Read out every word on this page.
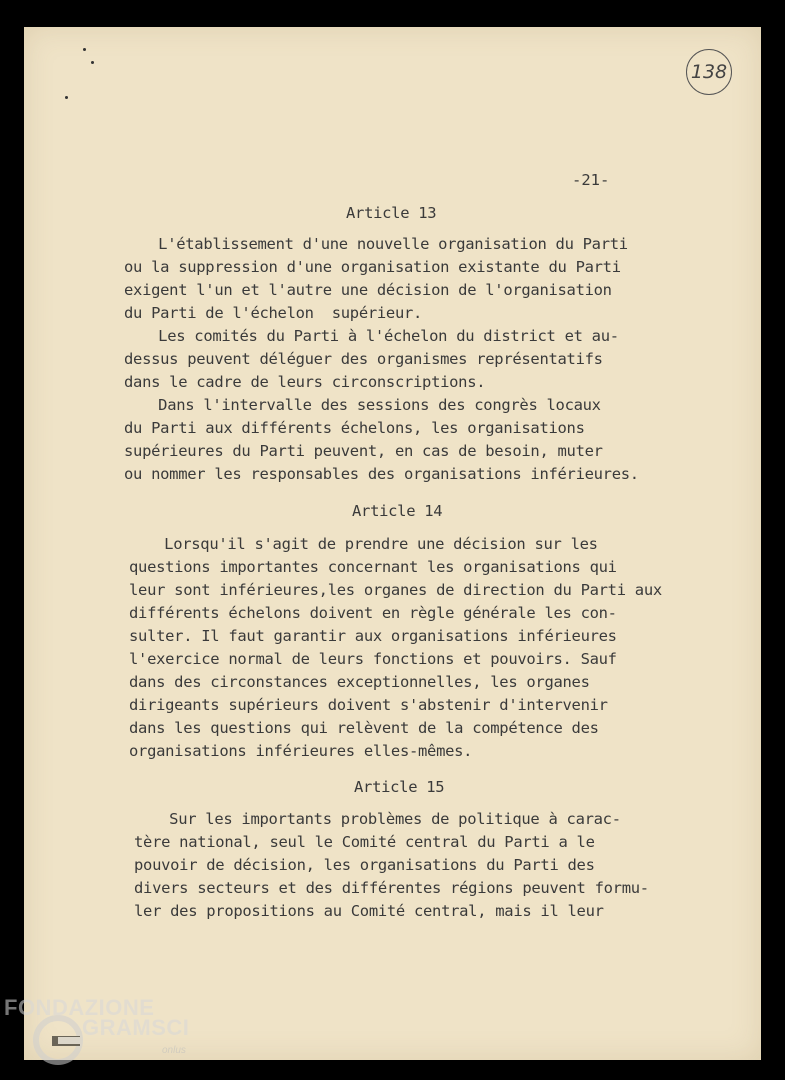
138
-21-
Article 13
L'établissement d'une nouvelle organisation du Parti
ou la suppression d'une organisation existante du Parti
exigent l'un et l'autre une décision de l'organisation
du Parti de l'échelon  supérieur.
Les comités du Parti à l'échelon du district et au-
dessus peuvent déléguer des organismes représentatifs
dans le cadre de leurs circonscriptions.
Dans l'intervalle des sessions des congrès locaux
du Parti aux différents échelons, les organisations
supérieures du Parti peuvent, en cas de besoin, muter
ou nommer les responsables des organisations inférieures.
Article 14
Lorsqu'il s'agit de prendre une décision sur les
questions importantes concernant les organisations qui
leur sont inférieures,les organes de direction du Parti aux
différents échelons doivent en règle générale les con-
sulter. Il faut garantir aux organisations inférieures
l'exercice normal de leurs fonctions et pouvoirs. Sauf
dans des circonstances exceptionnelles, les organes
dirigeants supérieurs doivent s'abstenir d'intervenir
dans les questions qui relèvent de la compétence des
organisations inférieures elles-mêmes.
Article 15
Sur les importants problèmes de politique à carac-
tère national, seul le Comité central du Parti a le
pouvoir de décision, les organisations du Parti des
divers secteurs et des différentes régions peuvent formu-
ler des propositions au Comité central, mais il leur
FONDAZIONE
GRAMSCI
onlus
